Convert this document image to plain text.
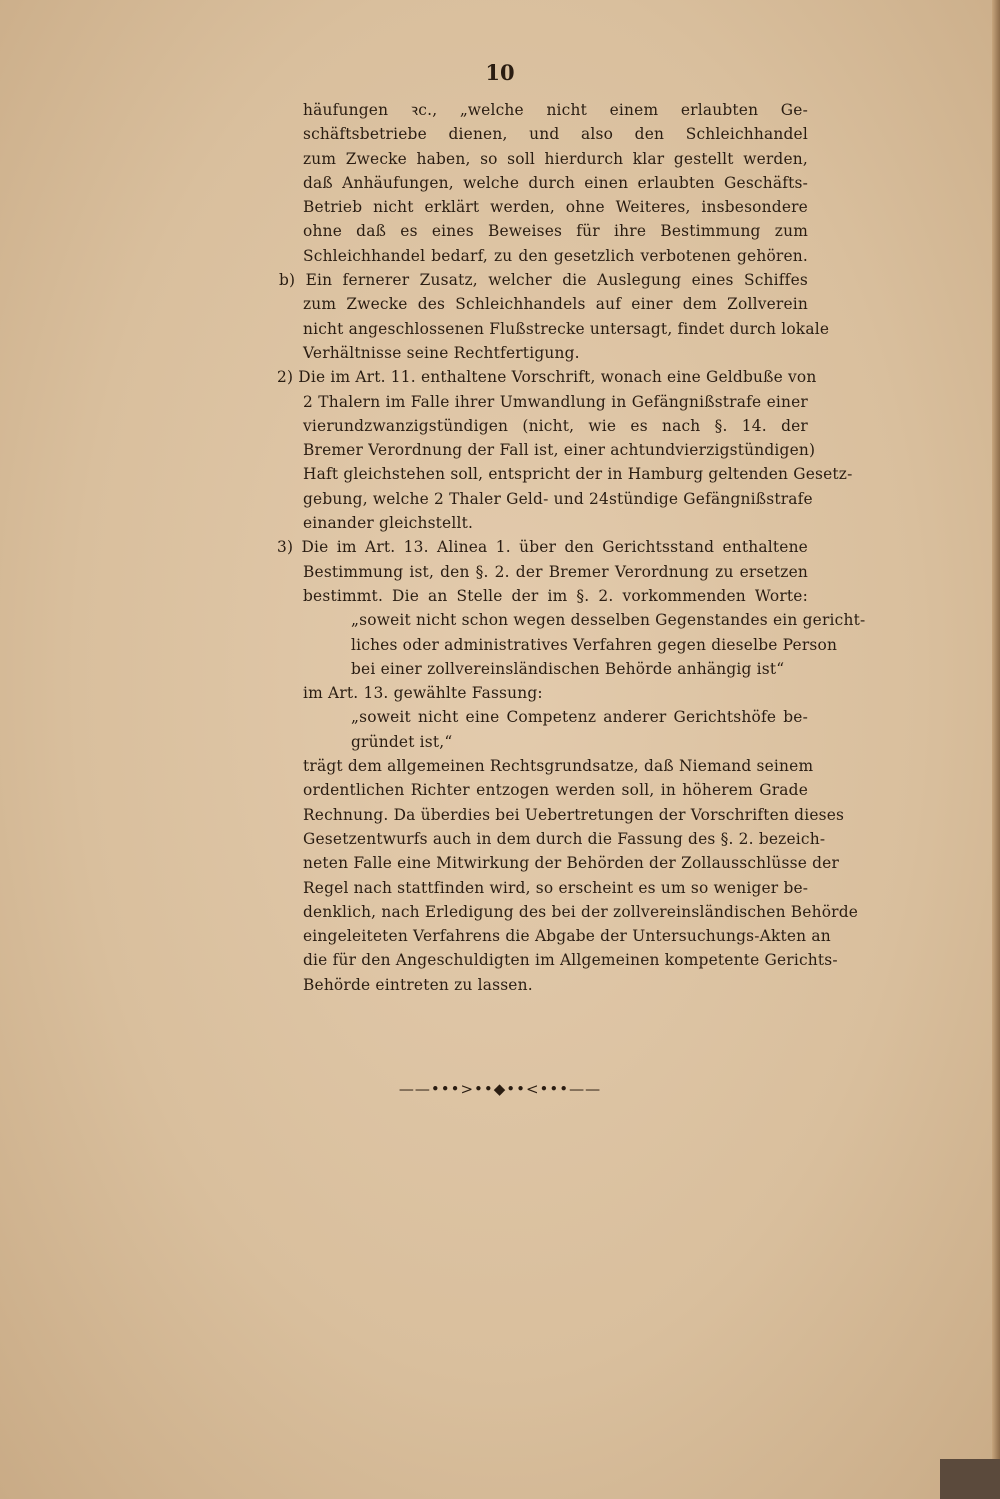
10
häufungen ꝛc., „welche nicht einem erlaubten Ge-
schäftsbetriebe dienen, und also den Schleichhandel
zum Zwecke haben, so soll hierdurch klar gestellt werden,
daß Anhäufungen, welche durch einen erlaubten Geschäfts-
Betrieb nicht erklärt werden, ohne Weiteres, insbesondere
ohne daß es eines Beweises für ihre Bestimmung zum
Schleichhandel bedarf, zu den gesetzlich verbotenen gehören.
b) Ein fernerer Zusatz, welcher die Auslegung eines Schiffes
zum Zwecke des Schleichhandels auf einer dem Zollverein
nicht angeschlossenen Flußstrecke untersagt, findet durch lokale
Verhältnisse seine Rechtfertigung.
2) Die im Art. 11. enthaltene Vorschrift, wonach eine Geldbuße von
2 Thalern im Falle ihrer Umwandlung in Gefängnißstrafe einer
vierundzwanzigstündigen (nicht, wie es nach §. 14. der
Bremer Verordnung der Fall ist, einer achtundvierzigstündigen)
Haft gleichstehen soll, entspricht der in Hamburg geltenden Gesetz-
gebung, welche 2 Thaler Geld- und 24stündige Gefängnißstrafe
einander gleichstellt.
3) Die im Art. 13. Alinea 1. über den Gerichtsstand enthaltene
Bestimmung ist, den §. 2. der Bremer Verordnung zu ersetzen
bestimmt. Die an Stelle der im §. 2. vorkommenden Worte:
„soweit nicht schon wegen desselben Gegenstandes ein gericht-
liches oder administratives Verfahren gegen dieselbe Person
bei einer zollvereinsländischen Behörde anhängig ist“
im Art. 13. gewählte Fassung:
„soweit nicht eine Competenz anderer Gerichtshöfe be-
gründet ist,“
trägt dem allgemeinen Rechtsgrundsatze, daß Niemand seinem
ordentlichen Richter entzogen werden soll, in höherem Grade
Rechnung. Da überdies bei Uebertretungen der Vorschriften dieses
Gesetzentwurfs auch in dem durch die Fassung des §. 2. bezeich-
neten Falle eine Mitwirkung der Behörden der Zollausschlüsse der
Regel nach stattfinden wird, so erscheint es um so weniger be-
denklich, nach Erledigung des bei der zollvereinsländischen Behörde
eingeleiteten Verfahrens die Abgabe der Untersuchungs-Akten an
die für den Angeschuldigten im Allgemeinen kompetente Gerichts-
Behörde eintreten zu lassen.
——•••>••◆••<•••——
